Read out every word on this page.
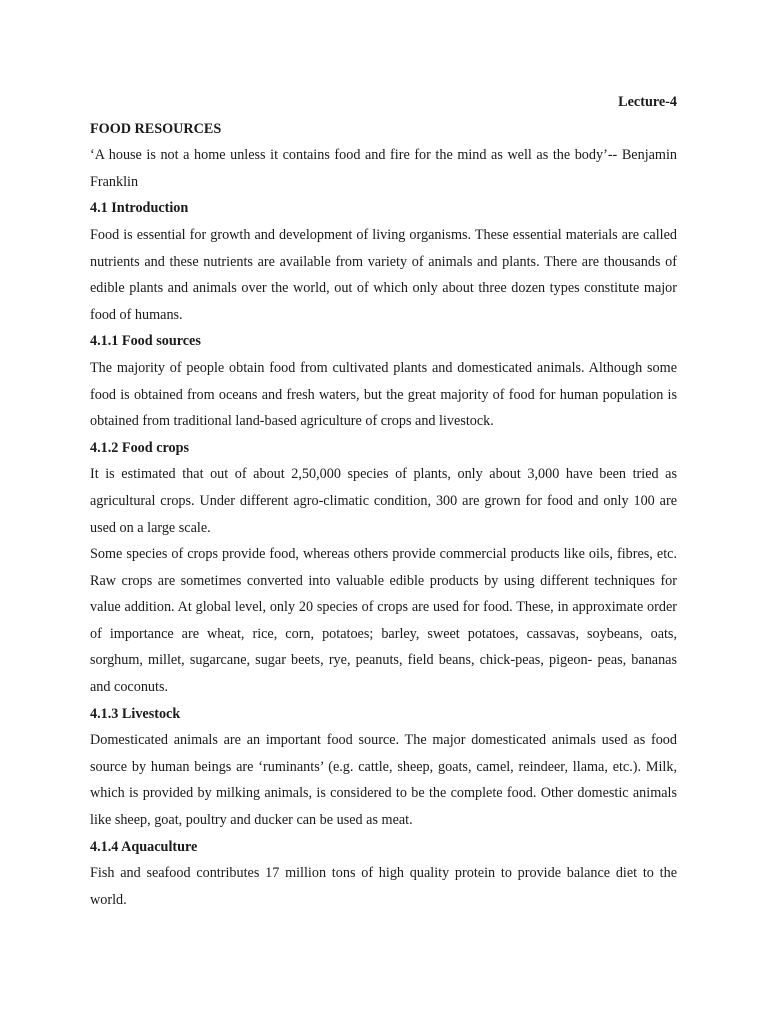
Lecture-4
FOOD RESOURCES

‘A house is not a home unless it contains food and fire for the mind as well as the body’-- Benjamin Franklin

4.1 Introduction

Food is essential for growth and development of living organisms. These essential materials are called nutrients and these nutrients are available from variety of animals and plants. There are thousands of edible plants and animals over the world, out of which only about three dozen types constitute major food of humans.

4.1.1 Food sources

The majority of people obtain food from cultivated plants and domesticated animals. Although some food is obtained from oceans and fresh waters, but the great majority of food for human population is obtained from traditional land-based agriculture of crops and livestock.

4.1.2 Food crops

It is estimated that out of about 2,50,000 species of plants, only about 3,000 have been tried as agricultural crops. Under different agro-climatic condition, 300 are grown for food and only 100 are used on a large scale.

Some species of crops provide food, whereas others provide commercial products like oils, fibres, etc. Raw crops are sometimes converted into valuable edible products by using different techniques for value addition. At global level, only 20 species of crops are used for food. These, in approximate order of importance are wheat, rice, corn, potatoes; barley, sweet potatoes, cassavas, soybeans, oats, sorghum, millet, sugarcane, sugar beets, rye, peanuts, field beans, chick-peas, pigeon- peas, bananas and coconuts.

4.1.3 Livestock

Domesticated animals are an important food source. The major domesticated animals used as food source by human beings are ‘ruminants’ (e.g. cattle, sheep, goats, camel, reindeer, llama, etc.). Milk, which is provided by milking animals, is considered to be the complete food. Other domestic animals like sheep, goat, poultry and ducker can be used as meat.

4.1.4 Aquaculture

Fish and seafood contributes 17 million tons of high quality protein to provide balance diet to the world.
